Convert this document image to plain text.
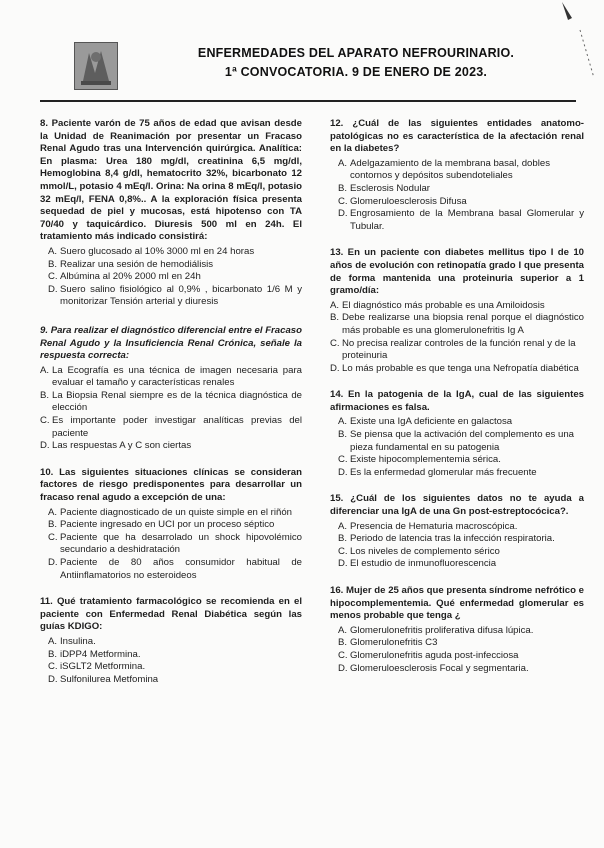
ENFERMEDADES DEL APARATO NEFROURINARIO.
1ª CONVOCATORIA. 9 DE ENERO DE 2023.
8. Paciente varón de 75 años de edad que avisan desde la Unidad de Reanimación por presentar un Fracaso Renal Agudo tras una Intervención quirúrgica. Analítica: En plasma: Urea 180 mg/dl, creatinina 6,5 mg/dl, Hemoglobina 8,4 g/dl, hematocrito 32%, bicarbonato 12 mmol/L, potasio 4 mEq/l. Orina: Na orina 8 mEq/l, potasio 32 mEq/l, FENA 0,8%.. A la exploración física presenta sequedad de piel y mucosas, está hipotenso con TA 70/40 y taquicárdico. Diuresis 500 ml en 24h. El tratamiento más indicado consistirá:
A. Suero glucosado al 10% 3000 ml en 24 horas
B. Realizar una sesión de hemodiálisis
C. Albúmina al 20% 2000 ml en 24h
D. Suero salino fisiológico al 0,9% , bicarbonato 1/6 M y monitorizar Tensión arterial y diuresis
9. Para realizar el diagnóstico diferencial entre el Fracaso Renal Agudo y la Insuficiencia Renal Crónica, señale la respuesta correcta:
A. La Ecografía es una técnica de imagen necesaria para evaluar el tamaño y características renales
B. La Biopsia Renal siempre es de la técnica diagnóstica de elección
C. Es importante poder investigar analíticas previas del paciente
D. Las respuestas A y C son ciertas
10. Las siguientes situaciones clínicas se consideran factores de riesgo predisponentes para desarrollar un fracaso renal agudo a excepción de una:
A. Paciente diagnosticado de un quiste simple en el riñón
B. Paciente ingresado en UCI por un proceso séptico
C. Paciente que ha desarrolado un shock hipovolémico secundario a deshidratación
D. Paciente de 80 años consumidor habitual de Antiinflamatorios no esteroideos
11. Qué tratamiento farmacológico se recomienda en el paciente con Enfermedad Renal Diabética según las guías KDIGO:
A. Insulina.
B. iDPP4 Metformina.
C. iSGLT2 Metformina.
D. Sulfonilurea Metfomina
12. ¿Cuál de las siguientes entidades anatomo-patológicas no es característica de la afectación renal en la diabetes?
A. Adelgazamiento de la membrana basal, dobles contornos y depósitos subendoteliales
B. Esclerosis Nodular
C. Glomeruloesclerosis Difusa
D. Engrosamiento de la Membrana basal Glomerular y Tubular.
13. En un paciente con diabetes mellitus tipo I de 10 años de evolución con retinopatía grado I que presenta de forma mantenida una proteinuria superior a 1 gramo/día:
A. El diagnóstico más probable es una Amiloidosis
B. Debe realizarse una biopsia renal porque el diagnóstico más probable es una glomerulonefritis Ig A
C. No precisa realizar controles de la función renal y de la proteinuria
D. Lo más probable es que tenga una Nefropatía diabética
14. En la patogenia de la IgA, cual de las siguientes afirmaciones es falsa.
A. Existe una IgA deficiente en galactosa
B. Se piensa que la activación del complemento es una pieza fundamental en su patogenia
C. Existe hipocomplementemia sérica.
D. Es la enfermedad glomerular más frecuente
15. ¿Cuál de los siguientes datos no te ayuda a diferenciar una IgA de una Gn post-estreptocócica?.
A. Presencia de Hematuria macroscópica.
B. Periodo de latencia tras la infección respiratoria.
C. Los niveles de complemento sérico
D. El estudio de inmunofluorescencia
16. Mujer de 25 años que presenta síndrome nefrótico e hipocomplementemia. Qué enfermedad glomerular es menos probable que tenga ¿
A. Glomerulonefritis proliferativa difusa lúpica.
B. Glomerulonefritis C3
C. Glomerulonefritis aguda post-infecciosa
D. Glomeruloesclerosis Focal y segmentaria.
